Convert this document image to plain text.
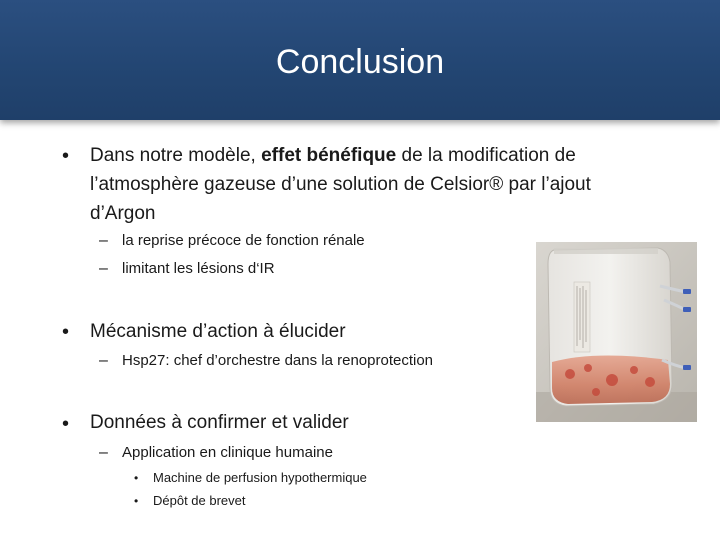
Conclusion
• Dans notre modèle, effet bénéfique de la modification de
l’atmosphère gazeuse d’une solution de Celsior® par l’ajout
d’Argon
– la reprise précoce de fonction rénale
– limitant les lésions d‘IR
• Mécanisme d’action à élucider
– Hsp27: chef d’orchestre dans la renoprotection
• Données à confirmer et valider
– Application en clinique humaine
• Machine de perfusion hypothermique
• Dépôt de brevet
